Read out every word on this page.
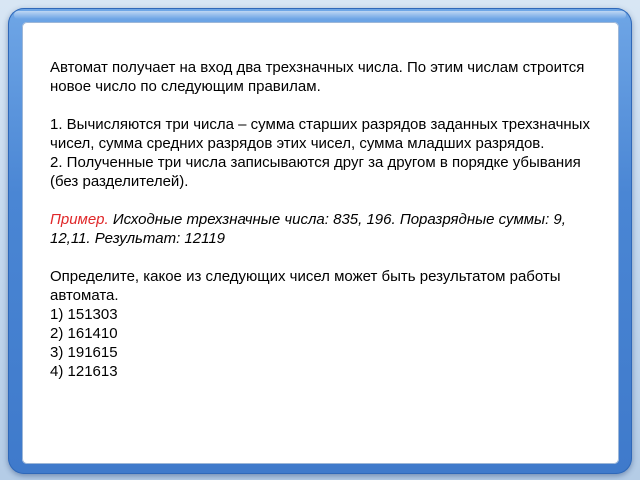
Автомат получает на вход два трехзначных числа. По этим числам строится новое число по следующим правилам.

1. Вычисляются три числа – сумма старших разрядов заданных трехзначных чисел, сумма средних разрядов этих чисел, сумма младших разрядов.

2. Полученные три числа записываются друг за другом в порядке убывания (без разделителей).

Пример. Исходные трехзначные числа: 835, 196. Поразрядные суммы: 9, 12,11. Результат: 12119

Определите, какое из следующих чисел может быть результатом работы

автомата.

1) 151303

2) 161410

3) 191615

4) 121613
